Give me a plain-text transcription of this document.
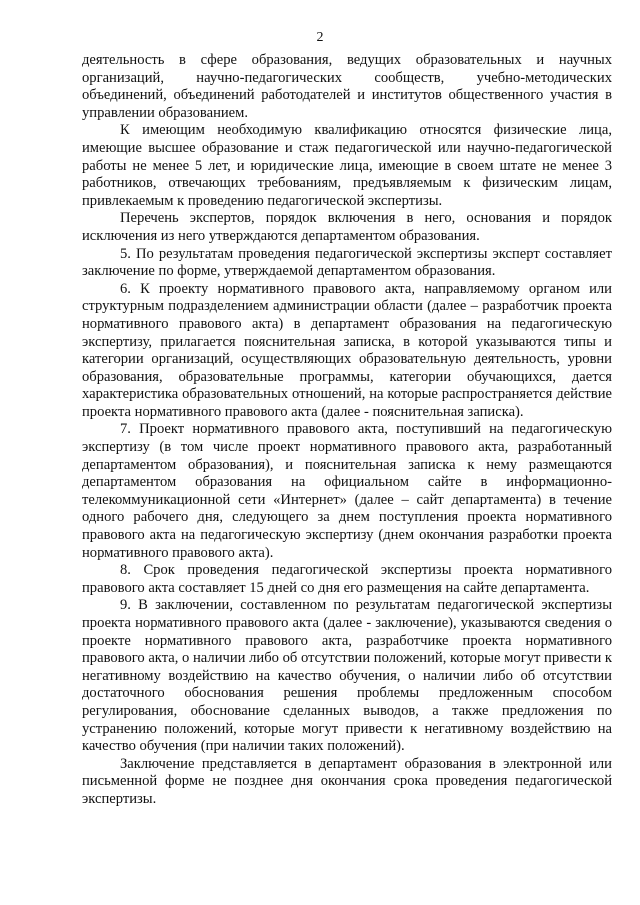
2

деятельность в сфере образования, ведущих образовательных и научных организаций, научно-педагогических сообществ, учебно-методических объединений, объединений работодателей и институтов общественного участия в управлении образованием.

К имеющим необходимую квалификацию относятся физические лица, имеющие высшее образование и стаж педагогической или научно-педагогической работы не менее 5 лет, и юридические лица, имеющие в своем штате не менее 3 работников, отвечающих требованиям, предъявляемым к физическим лицам, привлекаемым к проведению педагогической экспертизы.

Перечень экспертов, порядок включения в него, основания и порядок исключения из него утверждаются департаментом образования.

5. По результатам проведения педагогической экспертизы эксперт составляет заключение по форме, утверждаемой департаментом образования.

6. К проекту нормативного правового акта, направляемому органом или структурным подразделением администрации области (далее – разработчик проекта нормативного правового акта) в департамент образования на педагогическую экспертизу, прилагается пояснительная записка, в которой указываются типы и категории организаций, осуществляющих образовательную деятельность, уровни образования, образовательные программы, категории обучающихся, дается характеристика образовательных отношений, на которые распространяется действие проекта нормативного правового акта (далее - пояснительная записка).

7. Проект нормативного правового акта, поступивший на педагогическую экспертизу (в том числе проект нормативного правового акта, разработанный департаментом образования), и пояснительная записка к нему размещаются департаментом образования на официальном сайте в информационно-телекоммуникационной сети «Интернет» (далее – сайт департамента) в течение одного рабочего дня, следующего за днем поступления проекта нормативного правового акта на педагогическую экспертизу (днем окончания разработки проекта нормативного правового акта).

8. Срок проведения педагогической экспертизы проекта нормативного правового акта составляет 15 дней со дня его размещения на сайте департамента.

9. В заключении, составленном по результатам педагогической экспертизы проекта нормативного правового акта (далее - заключение), указываются сведения о проекте нормативного правового акта, разработчике проекта нормативного правового акта, о наличии либо об отсутствии положений, которые могут привести к негативному воздействию на качество обучения, о наличии либо об отсутствии достаточного обоснования решения проблемы предложенным способом регулирования, обоснование сделанных выводов, а также предложения по устранению положений, которые могут привести к негативному воздействию на качество обучения (при наличии таких положений).

Заключение представляется в департамент образования в электронной или письменной форме не позднее дня окончания срока проведения педагогической экспертизы.
